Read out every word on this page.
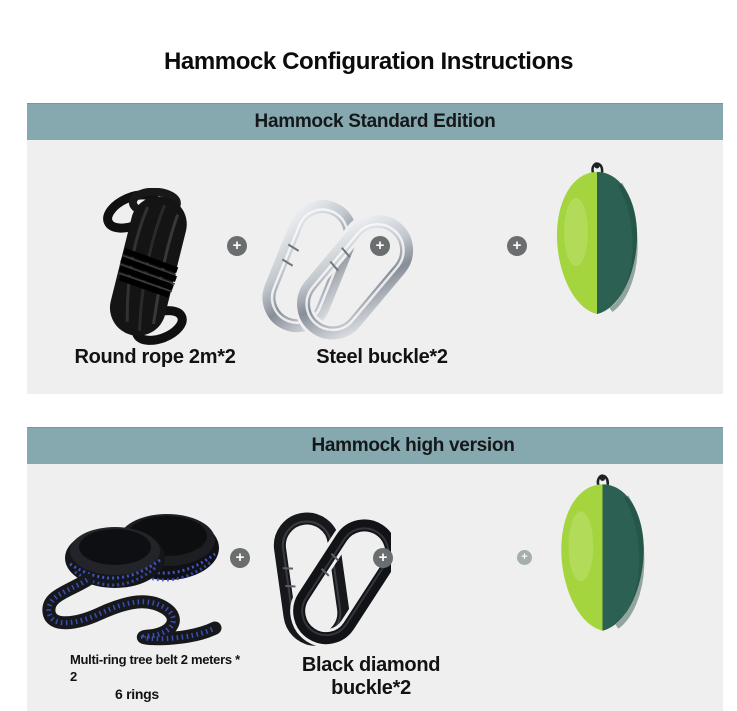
Hammock Configuration Instructions
Hammock Standard Edition
+	+	+
Round rope 2m*2	Steel buckle*2
Hammock high version
+	+	+
Multi-ring tree belt 2 meters *
2
6 rings
Black diamond buckle*2
